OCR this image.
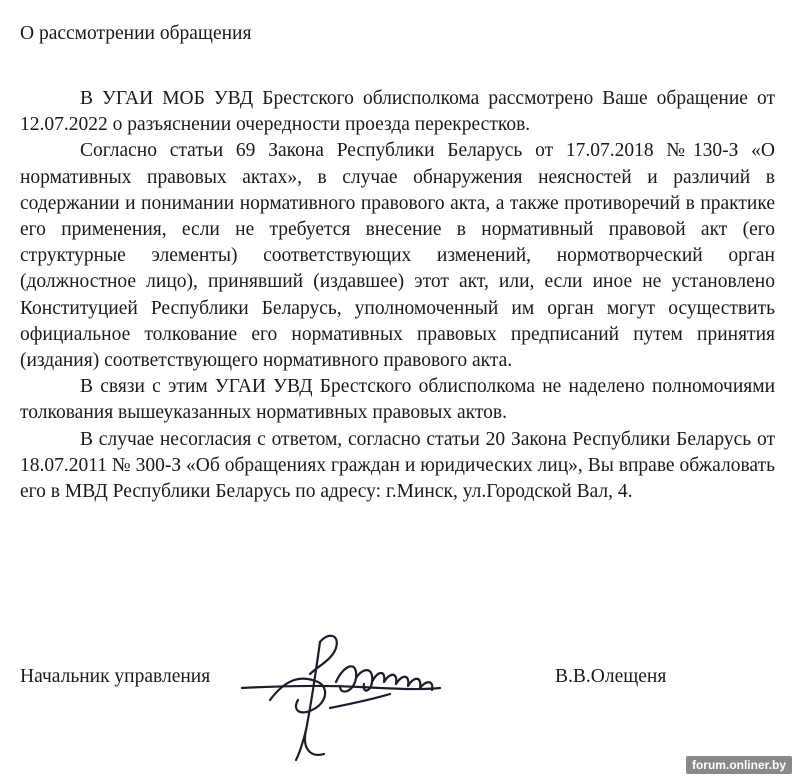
О рассмотрении обращения

В УГАИ МОБ УВД Брестского облисполкома рассмотрено Ваше обращение от 12.07.2022 о разъяснении очередности проезда перекрестков.

Согласно статьи 69 Закона Республики Беларусь от 17.07.2018 №130-З «О нормативных правовых актах», в случае обнаружения неясностей и различий в содержании и понимании нормативного правового акта, а также противоречий в практике его применения, если не требуется внесение в нормативный правовой акт (его структурные элементы) соответствующих изменений, нормотворческий орган (должностное лицо), принявший (издавшее) этот акт, или, если иное не установлено Конституцией Республики Беларусь, уполномоченный им орган могут осуществить официальное толкование его нормативных правовых предписаний путем принятия (издания) соответствующего нормативного правового акта.

В связи с этим УГАИ УВД Брестского облисполкома не наделено полномочиями толкования вышеуказанных нормативных правовых актов.

В случае несогласия с ответом, согласно статьи 20 Закона Республики Беларусь от 18.07.2011 № 300-З «Об обращениях граждан и юридических лиц», Вы вправе обжаловать его в МВД Республики Беларусь по адресу: г.Минск, ул.Городской Вал, 4.

Начальник управления	В.В.Олещеня
forum.onliner.by
